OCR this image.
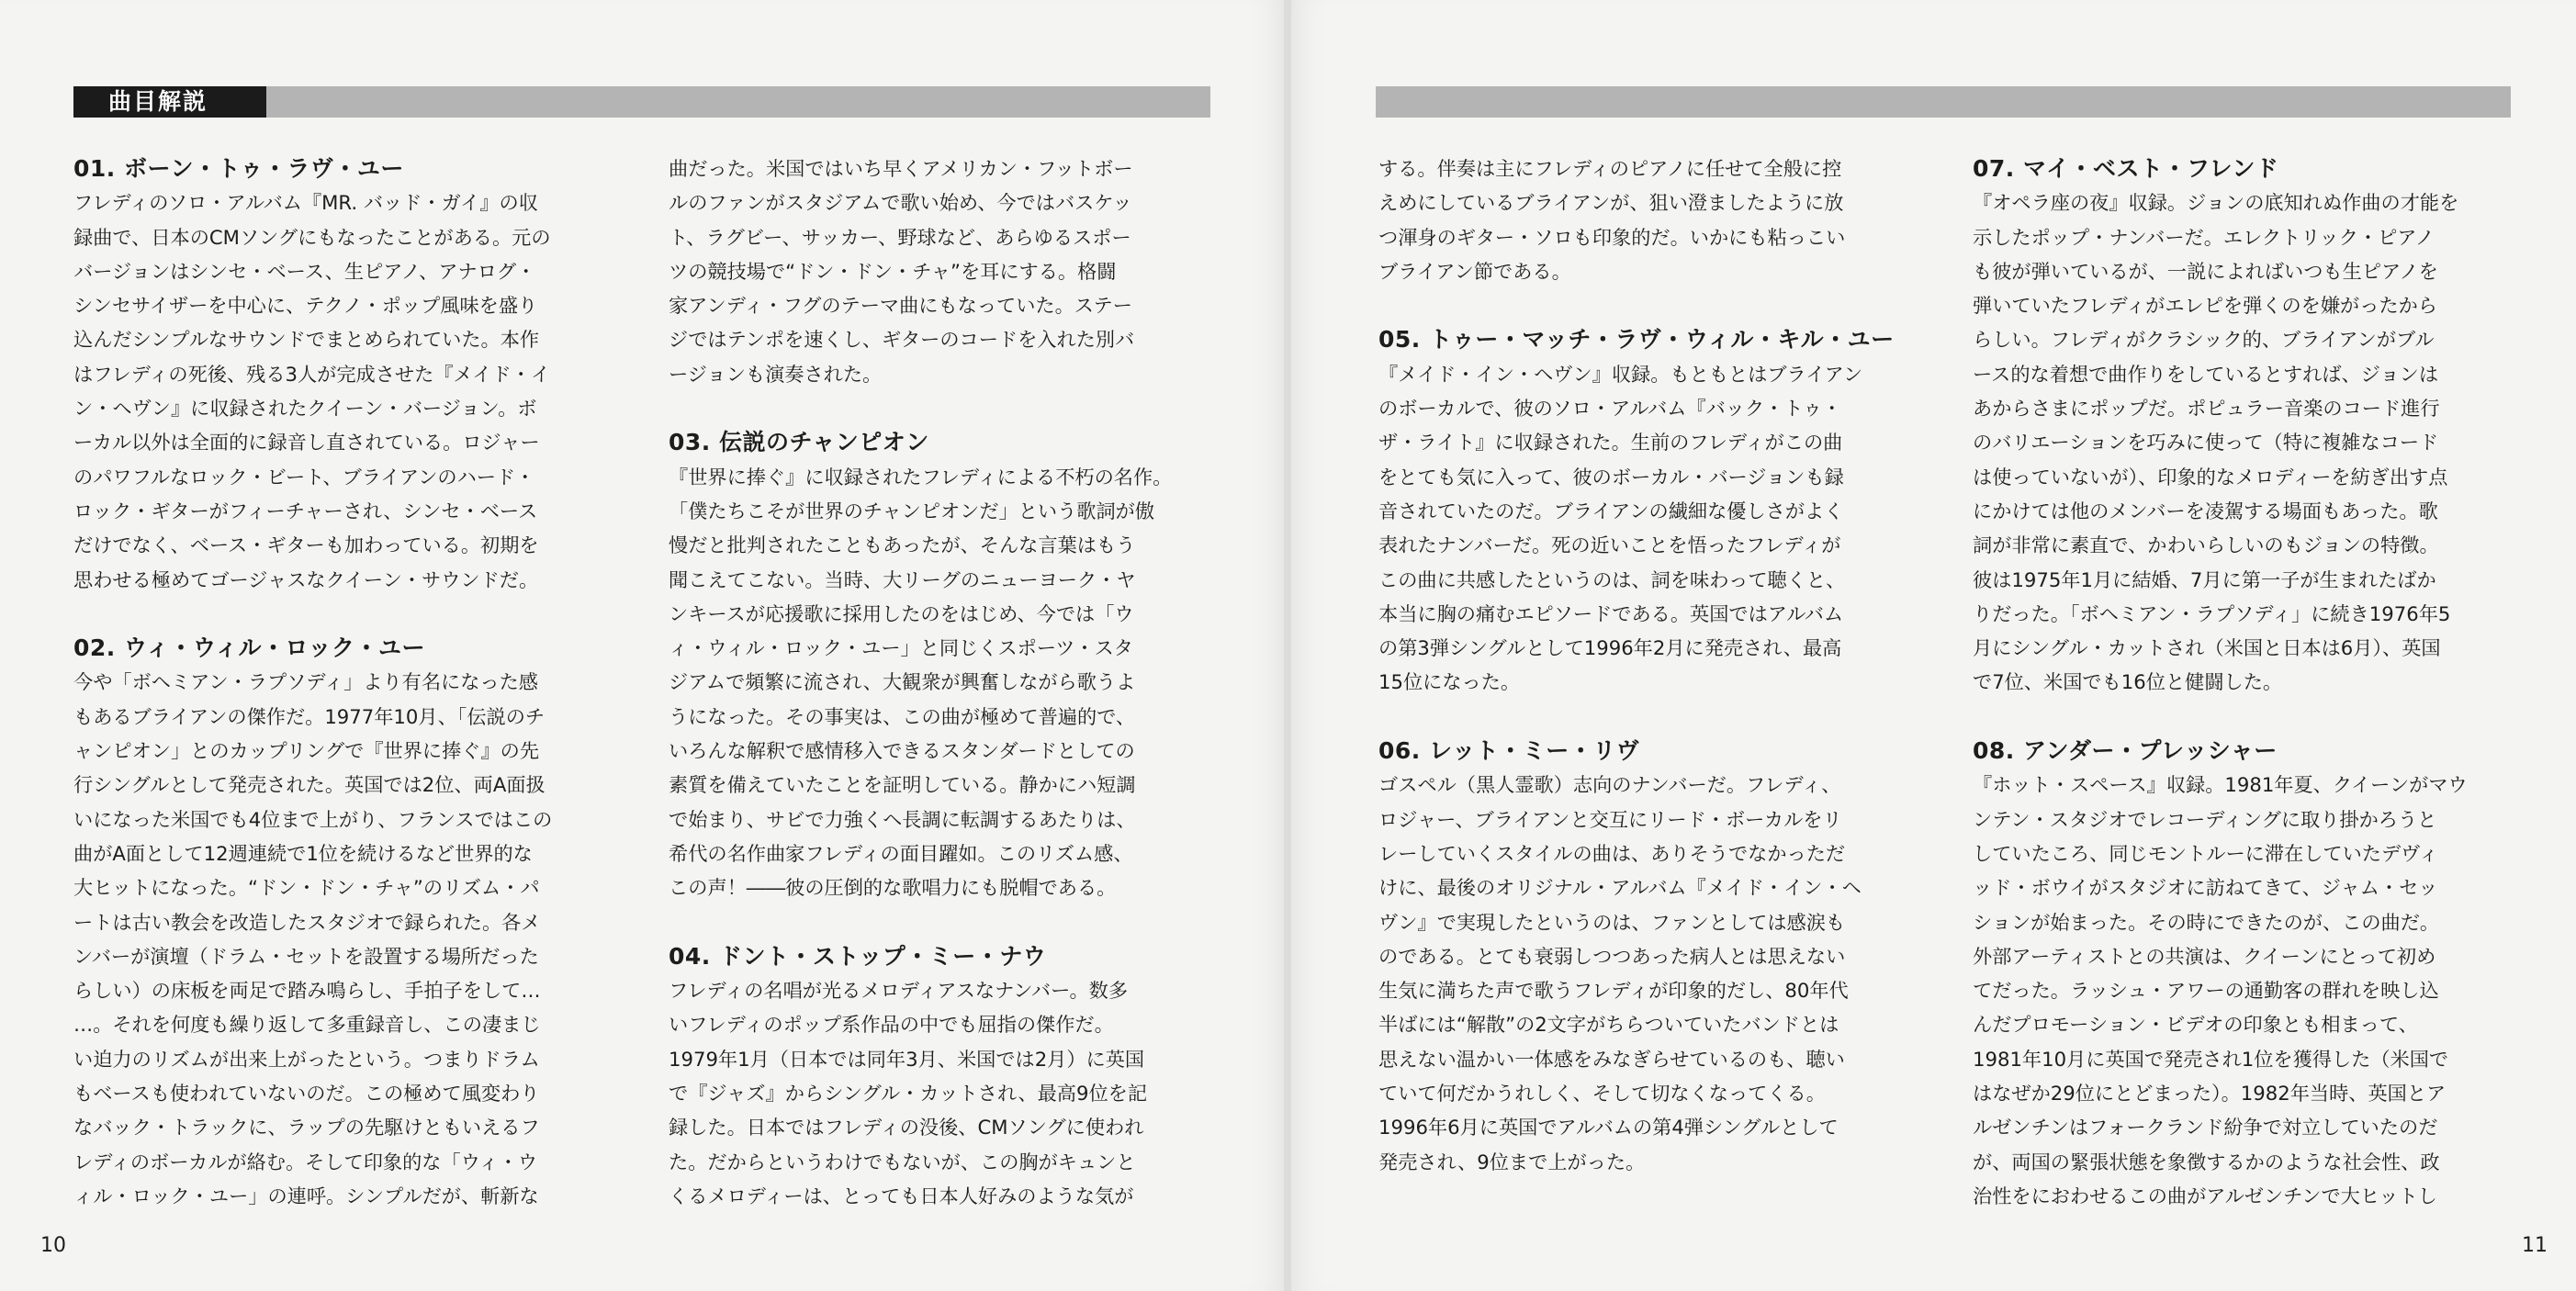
曲目解説
01. ボーン・トゥ・ラヴ・ユー
フレディのソロ・アルバム『MR. バッド・ガイ』の収
録曲で、日本のCMソングにもなったことがある。元の
バージョンはシンセ・ベース、生ピアノ、アナログ・
シンセサイザーを中心に、テクノ・ポップ風味を盛り
込んだシンプルなサウンドでまとめられていた。本作
はフレディの死後、残る3人が完成させた『メイド・イ
ン・ヘヴン』に収録されたクイーン・バージョン。ボ
ーカル以外は全面的に録音し直されている。ロジャー
のパワフルなロック・ビート、ブライアンのハード・
ロック・ギターがフィーチャーされ、シンセ・ベース
だけでなく、ベース・ギターも加わっている。初期を
思わせる極めてゴージャスなクイーン・サウンドだ。
02. ウィ・ウィル・ロック・ユー
今や「ボヘミアン・ラプソディ」より有名になった感
もあるブライアンの傑作だ。1977年10月、「伝説のチ
ャンピオン」とのカップリングで『世界に捧ぐ』の先
行シングルとして発売された。英国では2位、両A面扱
いになった米国でも4位まで上がり、フランスではこの
曲がA面として12週連続で1位を続けるなど世界的な
大ヒットになった。“ドン・ドン・チャ”のリズム・パ
ートは古い教会を改造したスタジオで録られた。各メ
ンバーが演壇（ドラム・セットを設置する場所だった
らしい）の床板を両足で踏み鳴らし、手拍子をして…
…。それを何度も繰り返して多重録音し、この凄まじ
い迫力のリズムが出来上がったという。つまりドラム
もベースも使われていないのだ。この極めて風変わり
なバック・トラックに、ラップの先駆けともいえるフ
レディのボーカルが絡む。そして印象的な「ウィ・ウ
ィル・ロック・ユー」の連呼。シンプルだが、斬新な
曲だった。米国ではいち早くアメリカン・フットボー
ルのファンがスタジアムで歌い始め、今ではバスケッ
ト、ラグビー、サッカー、野球など、あらゆるスポー
ツの競技場で“ドン・ドン・チャ”を耳にする。格闘
家アンディ・フグのテーマ曲にもなっていた。ステー
ジではテンポを速くし、ギターのコードを入れた別バ
ージョンも演奏された。
03. 伝説のチャンピオン
『世界に捧ぐ』に収録されたフレディによる不朽の名作。
「僕たちこそが世界のチャンピオンだ」という歌詞が傲
慢だと批判されたこともあったが、そんな言葉はもう
聞こえてこない。当時、大リーグのニューヨーク・ヤ
ンキースが応援歌に採用したのをはじめ、今では「ウ
ィ・ウィル・ロック・ユー」と同じくスポーツ・スタ
ジアムで頻繁に流され、大観衆が興奮しながら歌うよ
うになった。その事実は、この曲が極めて普遍的で、
いろんな解釈で感情移入できるスタンダードとしての
素質を備えていたことを証明している。静かにハ短調
で始まり、サビで力強くヘ長調に転調するあたりは、
希代の名作曲家フレディの面目躍如。このリズム感、
この声！――彼の圧倒的な歌唱力にも脱帽である。
04. ドント・ストップ・ミー・ナウ
フレディの名唱が光るメロディアスなナンバー。数多
いフレディのポップ系作品の中でも屈指の傑作だ。
1979年1月（日本では同年3月、米国では2月）に英国
で『ジャズ』からシングル・カットされ、最高9位を記
録した。日本ではフレディの没後、CMソングに使われ
た。だからというわけでもないが、この胸がキュンと
くるメロディーは、とっても日本人好みのような気が
10
する。伴奏は主にフレディのピアノに任せて全般に控
えめにしているブライアンが、狙い澄ましたように放
つ渾身のギター・ソロも印象的だ。いかにも粘っこい
ブライアン節である。
05. トゥー・マッチ・ラヴ・ウィル・キル・ユー
『メイド・イン・ヘヴン』収録。もともとはブライアン
のボーカルで、彼のソロ・アルバム『バック・トゥ・
ザ・ライト』に収録された。生前のフレディがこの曲
をとても気に入って、彼のボーカル・バージョンも録
音されていたのだ。ブライアンの繊細な優しさがよく
表れたナンバーだ。死の近いことを悟ったフレディが
この曲に共感したというのは、詞を味わって聴くと、
本当に胸の痛むエピソードである。英国ではアルバム
の第3弾シングルとして1996年2月に発売され、最高
15位になった。
06. レット・ミー・リヴ
ゴスペル（黒人霊歌）志向のナンバーだ。フレディ、
ロジャー、ブライアンと交互にリード・ボーカルをリ
レーしていくスタイルの曲は、ありそうでなかっただ
けに、最後のオリジナル・アルバム『メイド・イン・ヘ
ヴン』で実現したというのは、ファンとしては感涙も
のである。とても衰弱しつつあった病人とは思えない
生気に満ちた声で歌うフレディが印象的だし、80年代
半ばには“解散”の2文字がちらついていたバンドとは
思えない温かい一体感をみなぎらせているのも、聴い
ていて何だかうれしく、そして切なくなってくる。
1996年6月に英国でアルバムの第4弾シングルとして
発売され、9位まで上がった。
07. マイ・ベスト・フレンド
『オペラ座の夜』収録。ジョンの底知れぬ作曲の才能を
示したポップ・ナンバーだ。エレクトリック・ピアノ
も彼が弾いているが、一説によればいつも生ピアノを
弾いていたフレディがエレピを弾くのを嫌がったから
らしい。フレディがクラシック的、ブライアンがブル
ース的な着想で曲作りをしているとすれば、ジョンは
あからさまにポップだ。ポピュラー音楽のコード進行
のバリエーションを巧みに使って（特に複雑なコード
は使っていないが）、印象的なメロディーを紡ぎ出す点
にかけては他のメンバーを凌駕する場面もあった。歌
詞が非常に素直で、かわいらしいのもジョンの特徴。
彼は1975年1月に結婚、7月に第一子が生まれたばか
りだった。「ボヘミアン・ラプソディ」に続き1976年5
月にシングル・カットされ（米国と日本は6月）、英国
で7位、米国でも16位と健闘した。
08. アンダー・プレッシャー
『ホット・スペース』収録。1981年夏、クイーンがマウ
ンテン・スタジオでレコーディングに取り掛かろうと
していたころ、同じモントルーに滞在していたデヴィ
ッド・ボウイがスタジオに訪ねてきて、ジャム・セッ
ションが始まった。その時にできたのが、この曲だ。
外部アーティストとの共演は、クイーンにとって初め
てだった。ラッシュ・アワーの通勤客の群れを映し込
んだプロモーション・ビデオの印象とも相まって、
1981年10月に英国で発売され1位を獲得した（米国で
はなぜか29位にとどまった）。1982年当時、英国とア
ルゼンチンはフォークランド紛争で対立していたのだ
が、両国の緊張状態を象徴するかのような社会性、政
治性をにおわせるこの曲がアルゼンチンで大ヒットし
11
